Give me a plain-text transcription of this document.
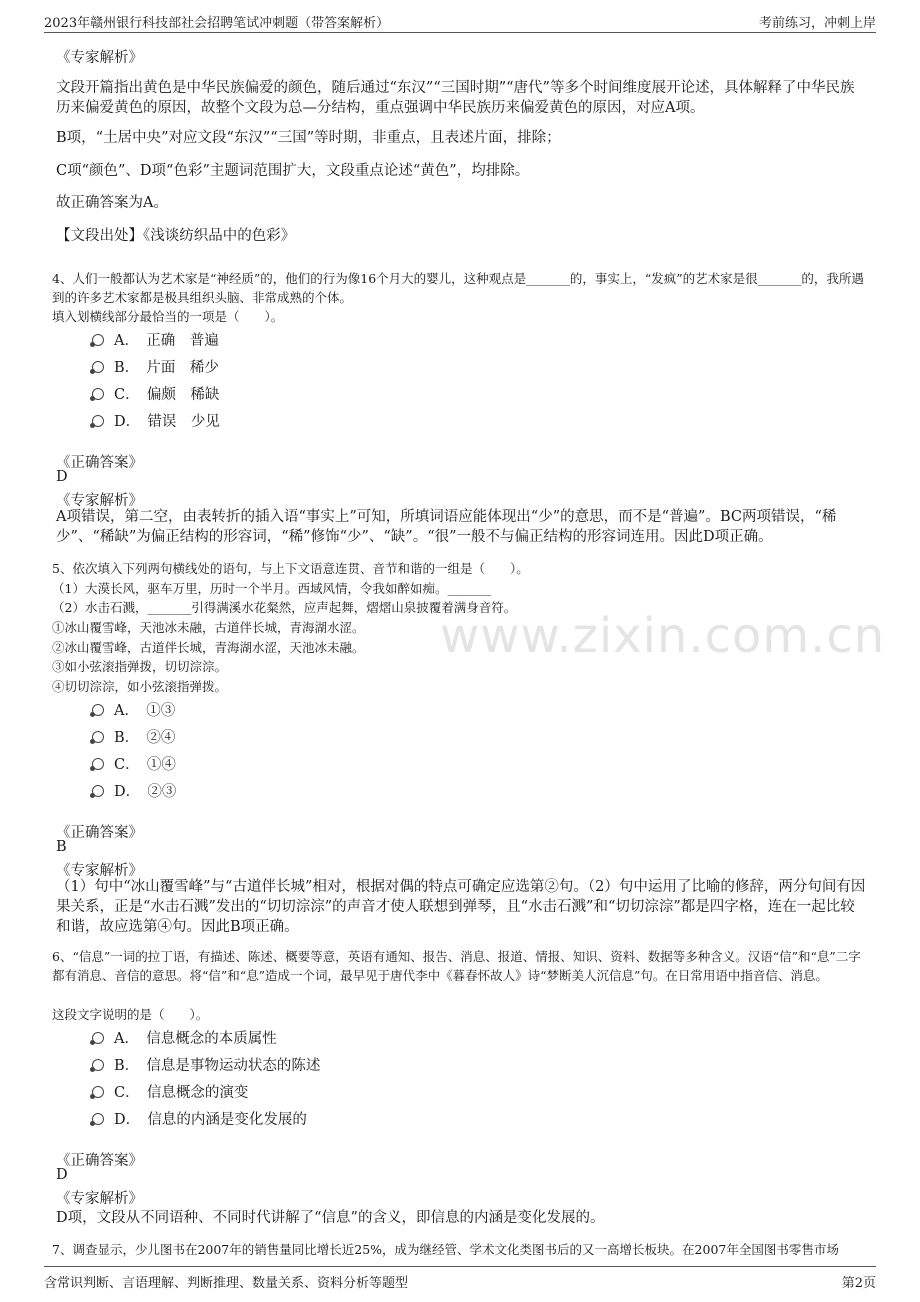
2023年赣州银行科技部社会招聘笔试冲刺题（带答案解析）	考前练习，冲刺上岸
www.zixin.com.cn
《专家解析》
文段开篇指出黄色是中华民族偏爱的颜色，随后通过“东汉”“三国时期”“唐代”等多个时间维度展开论述，具体解释了中华民族历来偏爱黄色的原因，故整个文段为总—分结构，重点强调中华民族历来偏爱黄色的原因，对应A项。
B项，“土居中央”对应文段“东汉”“三国”等时期，非重点，且表述片面，排除；
C项“颜色”、D项“色彩”主题词范围扩大，文段重点论述“黄色”，均排除。
故正确答案为A。
【文段出处】《浅谈纺织品中的色彩》
4、人们一般都认为艺术家是“神经质”的，他们的行为像16个月大的婴儿，这种观点是_______的，事实上，“发疯”的艺术家是很_______的，我所遇到的许多艺术家都是极具组织头脑、非常成熟的个体。
填入划横线部分最恰当的一项是（　　）。
A．　正确　普遍
B．　片面　稀少
C．　偏颇　稀缺
D．　错误　少见
《正确答案》
D
《专家解析》
A项错误，第二空，由表转折的插入语“事实上”可知，所填词语应能体现出“少”的意思，而不是“普遍”。BC两项错误，“稀少”、“稀缺”为偏正结构的形容词，“稀”修饰“少”、“缺”。“很”一般不与偏正结构的形容词连用。因此D项正确。
5、依次填入下列两句横线处的语句，与上下文语意连贯、音节和谐的一组是（　　）。
（1）大漠长风，驱车万里，历时一个半月。西域风情，令我如醉如痴。_______
（2）水击石溅，_______引得满溪水花粲然，应声起舞，熠熠山泉披覆着满身音符。
①冰山覆雪峰，天池冰未融，古道伴长城，青海湖水涩。
②冰山覆雪峰，古道伴长城，青海湖水涩，天池冰未融。
③如小弦滚指弹拨，切切淙淙。
④切切淙淙，如小弦滚指弹拨。
A．　①③
B．　②④
C．　①④
D．　②③
《正确答案》
B
《专家解析》
（1）句中“冰山覆雪峰”与“古道伴长城”相对，根据对偶的特点可确定应选第②句。（2）句中运用了比喻的修辞，两分句间有因果关系，正是“水击石溅”发出的“切切淙淙”的声音才使人联想到弹琴，且“水击石溅”和“切切淙淙”都是四字格，连在一起比较和谐，故应选第④句。因此B项正确。
6、“信息”一词的拉丁语，有描述、陈述、概要等意，英语有通知、报告、消息、报道、情报、知识、资料、数据等多种含义。汉语“信”和“息”二字都有消息、音信的意思。将“信”和“息”造成一个词，最早见于唐代李中《暮春怀故人》诗“梦断美人沉信息”句。在日常用语中指音信、消息。
这段文字说明的是（　　）。
A．　信息概念的本质属性
B．　信息是事物运动状态的陈述
C．　信息概念的演变
D．　信息的内涵是变化发展的
《正确答案》
D
《专家解析》
D项，文段从不同语种、不同时代讲解了“信息”的含义，即信息的内涵是变化发展的。
7、调查显示，少儿图书在2007年的销售量同比增长近25%，成为继经管、学术文化类图书后的又一高增长板块。在2007年全国图书零售市场
含常识判断、言语理解、判断推理、数量关系、资料分析等题型	第2页
